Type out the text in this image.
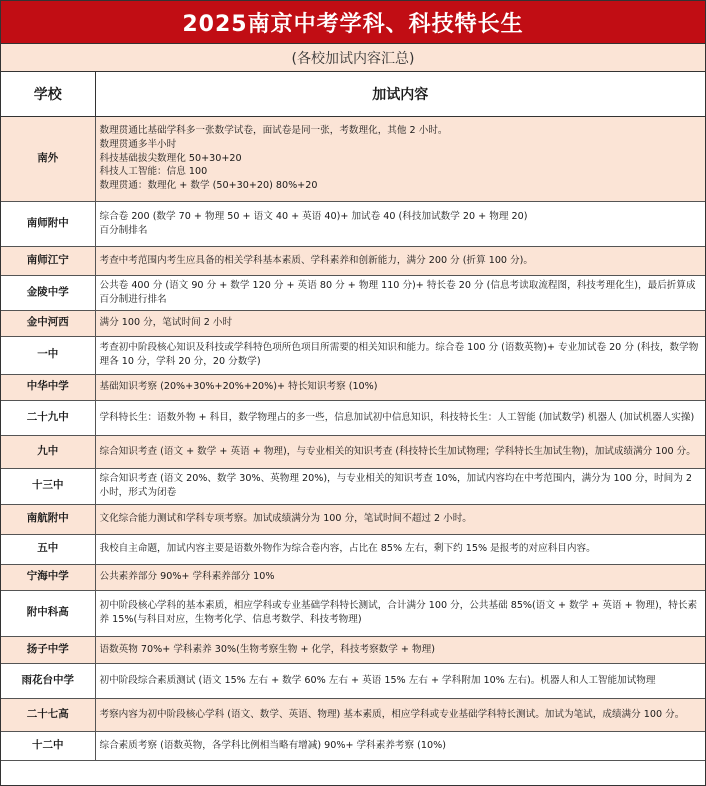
2025南京中考学科、科技特长生
(各校加试内容汇总)
学校	加试内容
南外	数理贯通比基础学科多一张数学试卷，面试卷是同一张，考数理化，其他 2 小时。
数理贯通多半小时
科技基础拔尖数理化 50+30+20
科技人工智能：信息 100
数理贯通：数理化 + 数学 (50+30+20) 80%+20

南师附中	综合卷 200 (数学 70 + 物理 50 + 语文 40 + 英语 40)+ 加试卷 40 (科技加试数学 20 + 物理 20)
百分制排名

南师江宁	考查中考范围内考生应具备的相关学科基本素质、学科素养和创新能力，满分 200 分 (折算 100 分)。

金陵中学	公共卷 400 分 (语文 90 分 + 数学 120 分 + 英语 80 分 + 物理 110 分)+ 特长卷 20 分 (信息考读取流程图，科技考理化生)，最后折算成百分制进行排名

金中河西	满分 100 分，笔试时间 2 小时

一中	考查初中阶段核心知识及科技或学科特色项所色项目所需要的相关知识和能力。综合卷 100 分 (语数英物)+ 专业加试卷 20 分 (科技，数学物理各 10 分，学科 20 分，20 分数学)

中华中学	基础知识考察 (20%+30%+20%+20%)+ 特长知识考察 (10%)

二十九中	学科特长生：语数外物 + 科目，数学物理占的多一些，信息加试初中信息知识，科技特长生：人工智能 (加试数学) 机器人 (加试机器人实操)

九中	综合知识考查 (语文 + 数学 + 英语 + 物理)，与专业相关的知识考查 (科技特长生加试物理；学科特长生加试生物)，加试成绩满分 100 分。

十三中	综合知识考查 (语文 20%、数学 30%、英物理 20%)，与专业相关的知识考查 10%，加试内容均在中考范围内，满分为 100 分，时间为 2 小时，形式为闭卷

南航附中	文化综合能力测试和学科专项考察。加试成绩满分为 100 分，笔试时间不超过 2 小时。

五中	我校自主命题，加试内容主要是语数外物作为综合卷内容，占比在 85% 左右，剩下约 15% 是报考的对应科目内容。

宁海中学	公共素养部分 90%+ 学科素养部分 10%

附中科高	初中阶段核心学科的基本素质，相应学科或专业基础学科特长测试，合计满分 100 分，公共基础 85%(语文 + 数学 + 英语 + 物理)，特长素养 15%(与科目对应，生物考化学、信息考数学、科技考物理)

扬子中学	语数英物 70%+ 学科素养 30%(生物考察生物 + 化学，科技考察数学 + 物理)

雨花台中学	初中阶段综合素质测试 (语文 15% 左右 + 数学 60% 左右 + 英语 15% 左右 + 学科附加 10% 左右)。机器人和人工智能加试物理

二十七高	考察内容为初中阶段核心学科 (语文、数学、英语、物理) 基本素质，相应学科或专业基础学科特长测试。加试为笔试，成绩满分 100 分。

十二中	综合素质考察 (语数英物，各学科比例相当略有增减) 90%+ 学科素养考察 (10%)
